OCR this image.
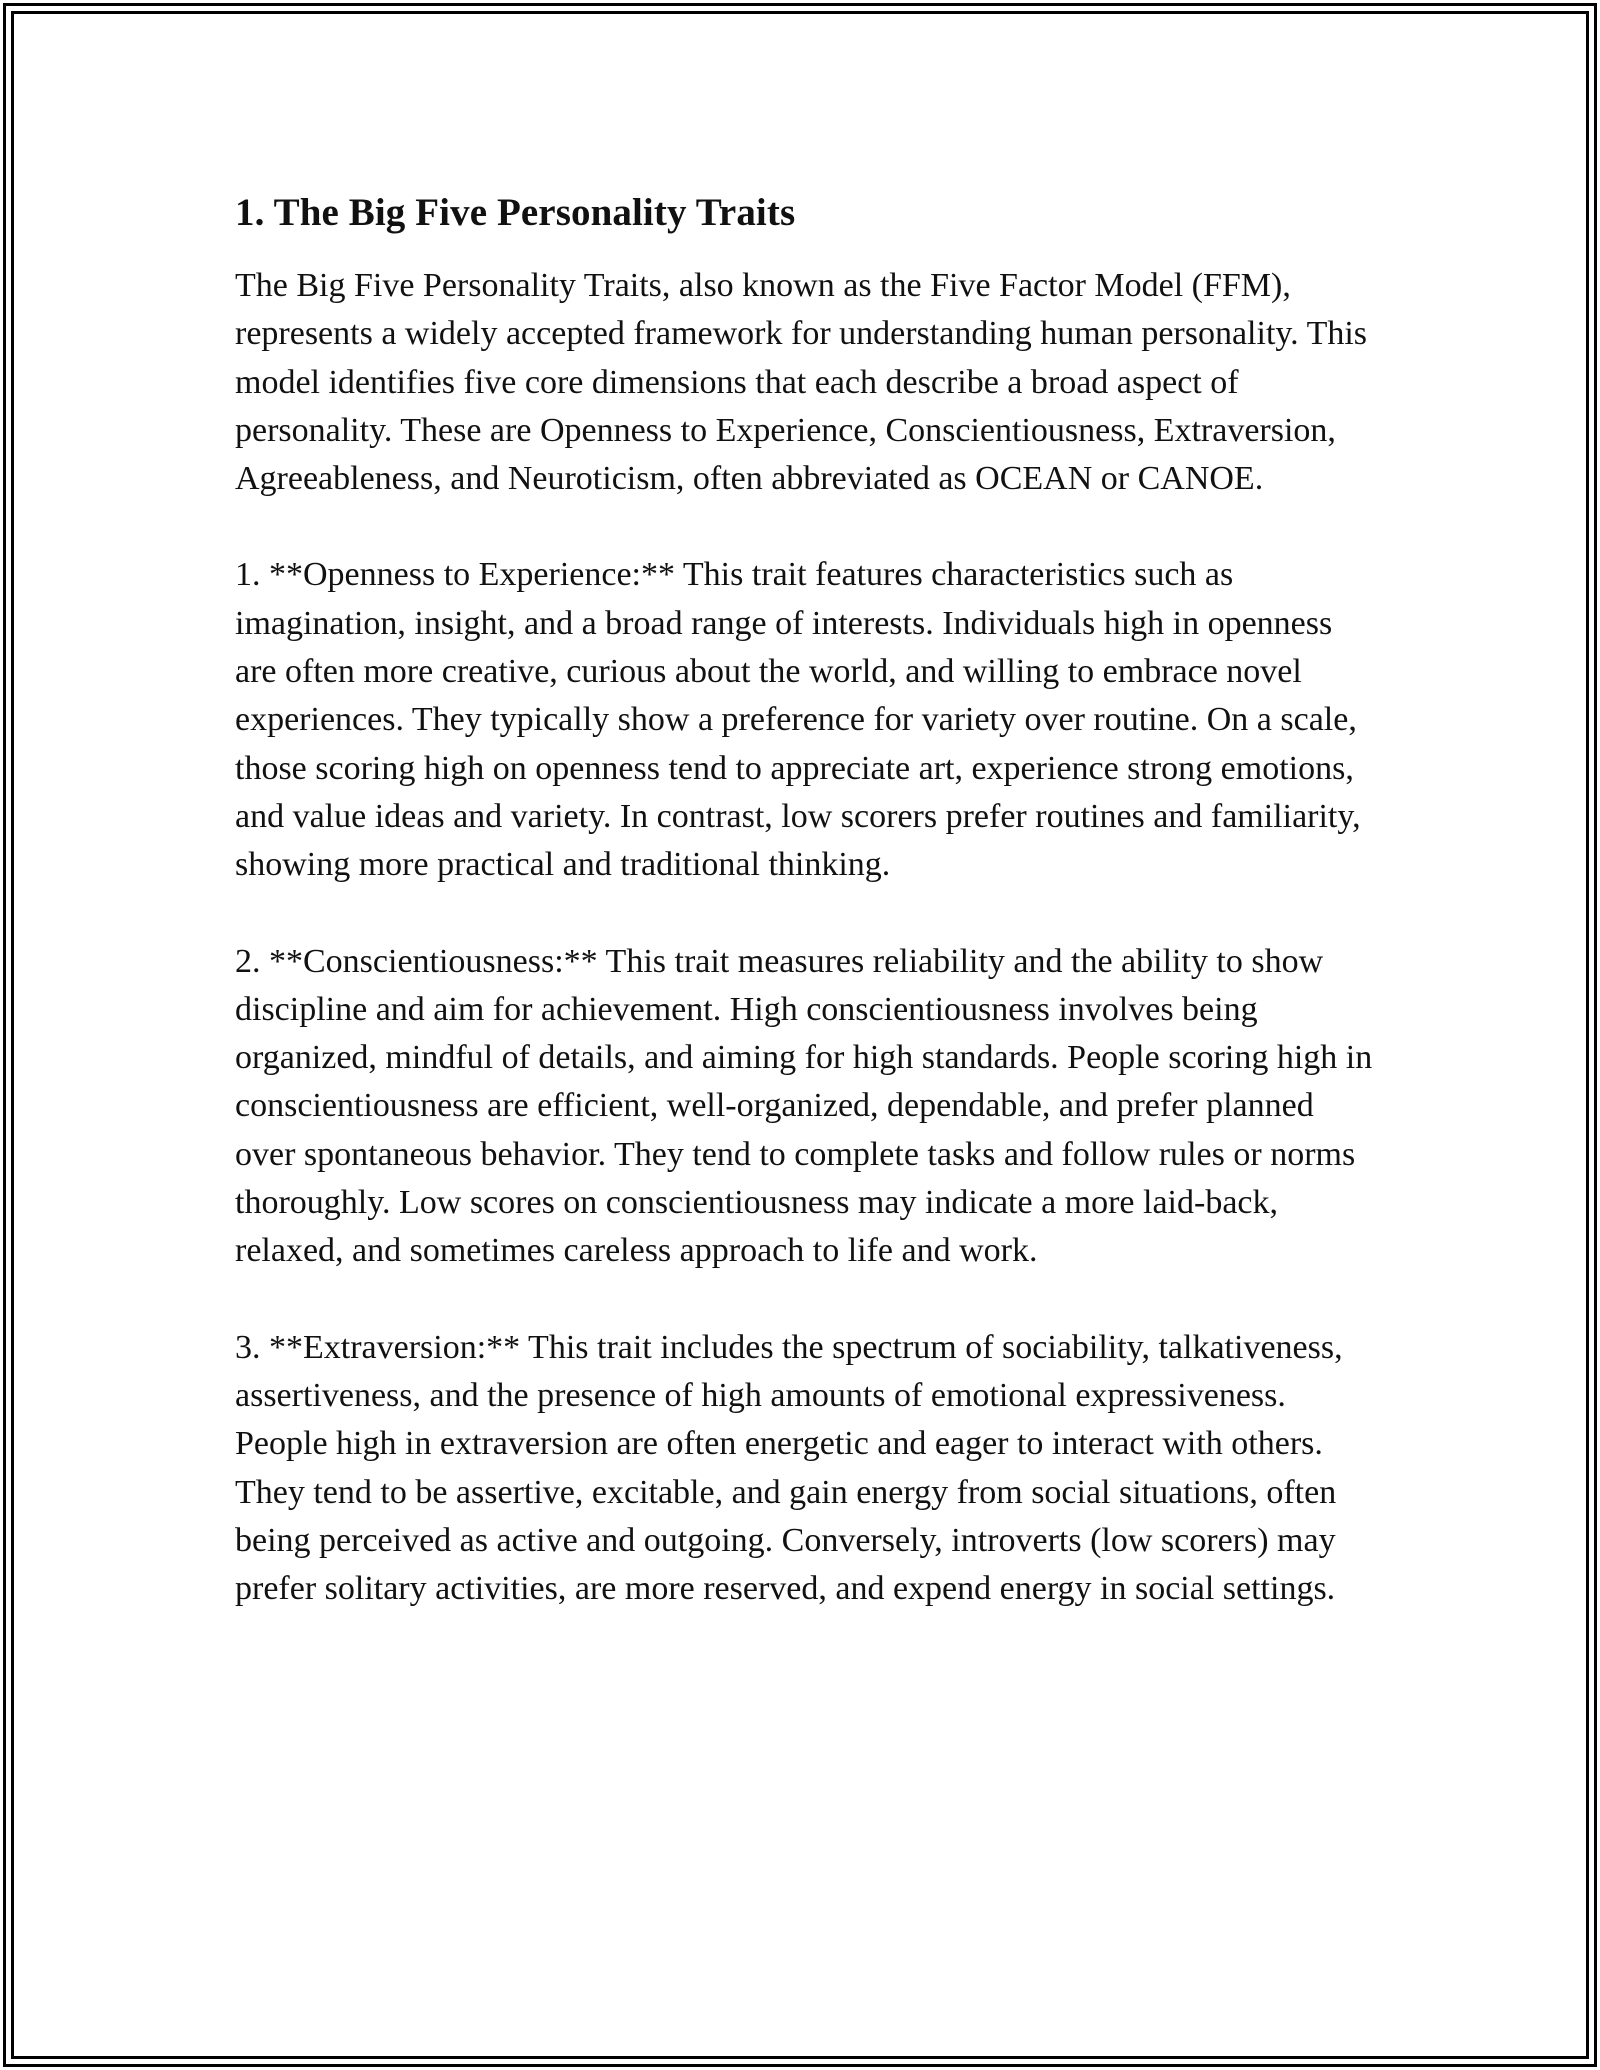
1. The Big Five Personality Traits

The Big Five Personality Traits, also known as the Five Factor Model (FFM), represents a widely accepted framework for understanding human personality. This model identifies five core dimensions that each describe a broad aspect of personality. These are Openness to Experience, Conscientiousness, Extraversion, Agreeableness, and Neuroticism, often abbreviated as OCEAN or CANOE.

1. **Openness to Experience:** This trait features characteristics such as imagination, insight, and a broad range of interests. Individuals high in openness are often more creative, curious about the world, and willing to embrace novel experiences. They typically show a preference for variety over routine. On a scale, those scoring high on openness tend to appreciate art, experience strong emotions, and value ideas and variety. In contrast, low scorers prefer routines and familiarity, showing more practical and traditional thinking.

2. **Conscientiousness:** This trait measures reliability and the ability to show discipline and aim for achievement. High conscientiousness involves being organized, mindful of details, and aiming for high standards. People scoring high in conscientiousness are efficient, well-organized, dependable, and prefer planned over spontaneous behavior. They tend to complete tasks and follow rules or norms thoroughly. Low scores on conscientiousness may indicate a more laid-back, relaxed, and sometimes careless approach to life and work.

3. **Extraversion:** This trait includes the spectrum of sociability, talkativeness, assertiveness, and the presence of high amounts of emotional expressiveness. People high in extraversion are often energetic and eager to interact with others. They tend to be assertive, excitable, and gain energy from social situations, often being perceived as active and outgoing. Conversely, introverts (low scorers) may prefer solitary activities, are more reserved, and expend energy in social settings.
